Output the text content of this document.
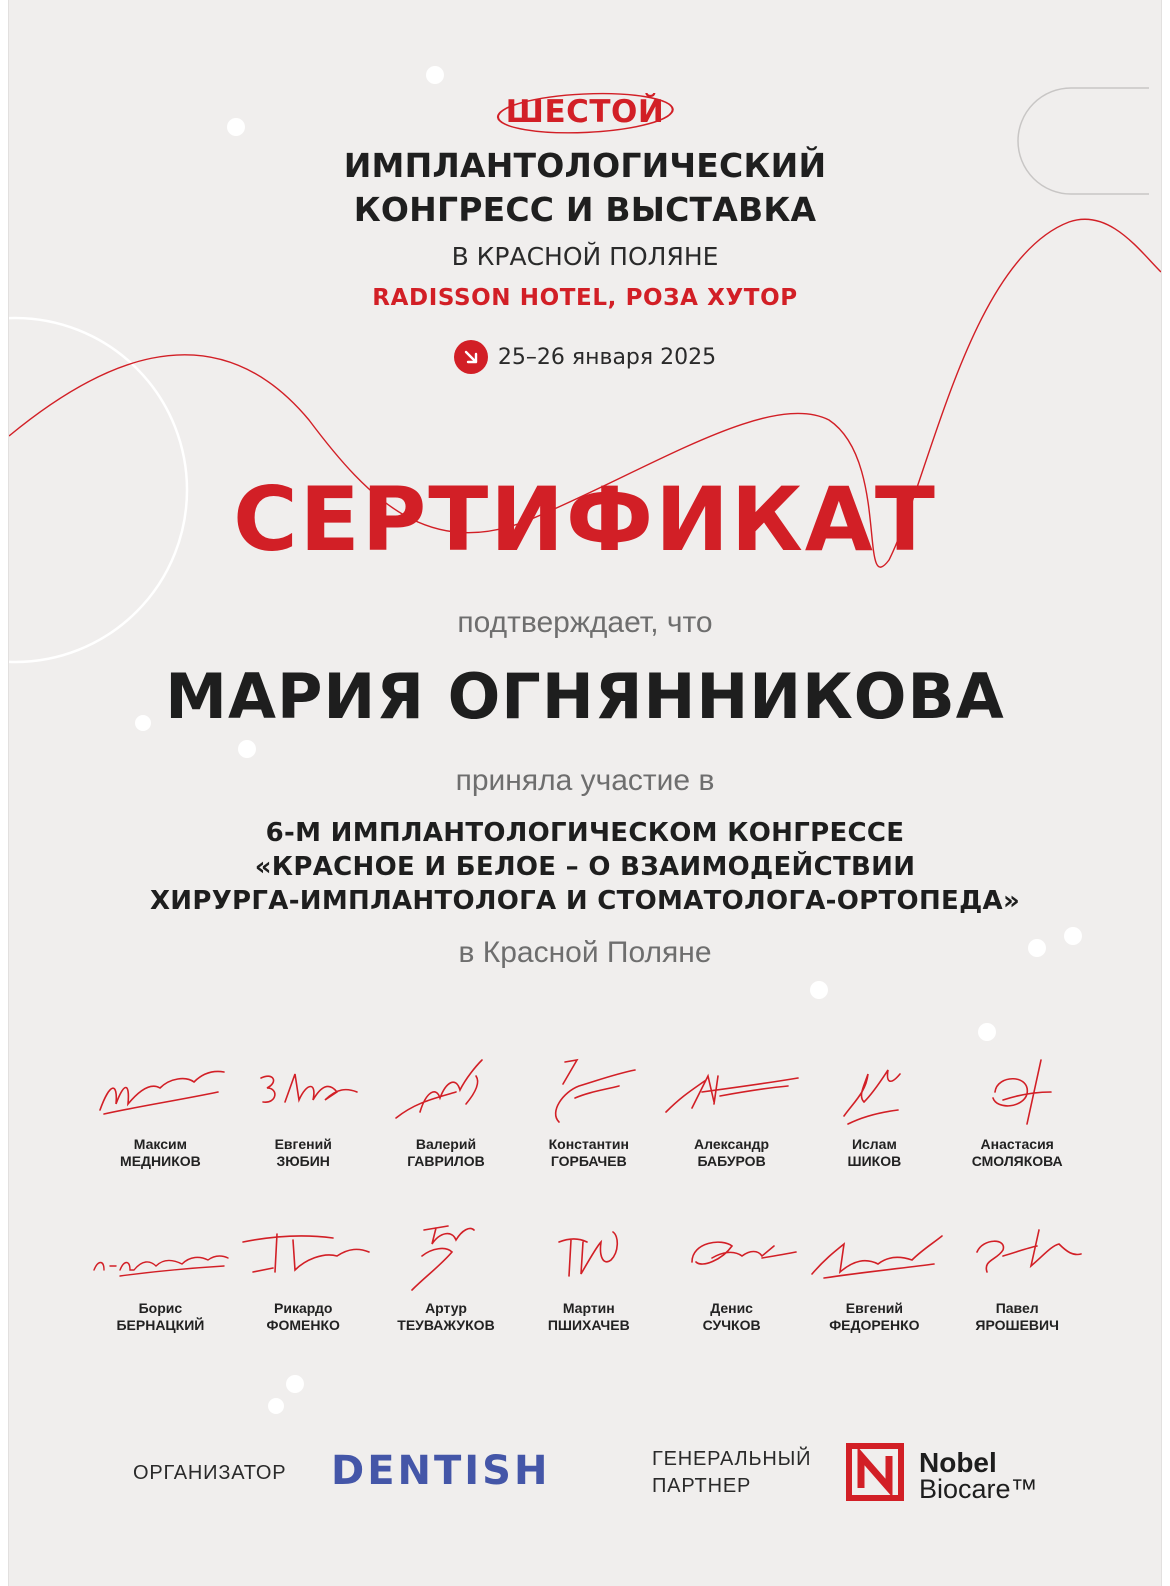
ШЕСТОЙ
ИМПЛАНТОЛОГИЧЕСКИЙ
КОНГРЕСС И ВЫСТАВКА
В КРАСНОЙ ПОЛЯНЕ
RADISSON HOTEL, РОЗА ХУТОР
25–26 января 2025
СЕРТИФИКАТ
подтверждает, что
МАРИЯ ОГНЯННИКОВА
приняла участие в
6-М ИМПЛАНТОЛОГИЧЕСКОМ КОНГРЕССЕ
«КРАСНОЕ И БЕЛОЕ – О ВЗАИМОДЕЙСТВИИ
ХИРУРГА-ИМПЛАНТОЛОГА И СТОМАТОЛОГА-ОРТОПЕДА»
в Красной Поляне
Максим
МЕДНИКОВ
Евгений
ЗЮБИН
Валерий
ГАВРИЛОВ
Константин
ГОРБАЧЕВ
Александр
БАБУРОВ
Ислам
ШИКОВ
Анастасия
СМОЛЯКОВА
Борис
БЕРНАЦКИЙ
Рикардо
ФОМЕНКО
Артур
ТЕУВАЖУКОВ
Мартин
ПШИХАЧЕВ
Денис
СУЧКОВ
Евгений
ФЕДОРЕНКО
Павел
ЯРОШЕВИЧ
ОРГАНИЗАТОР DENTISH	ГЕНЕРАЛЬНЫЙ
ПАРТНЕР
Nobel
Biocare™
